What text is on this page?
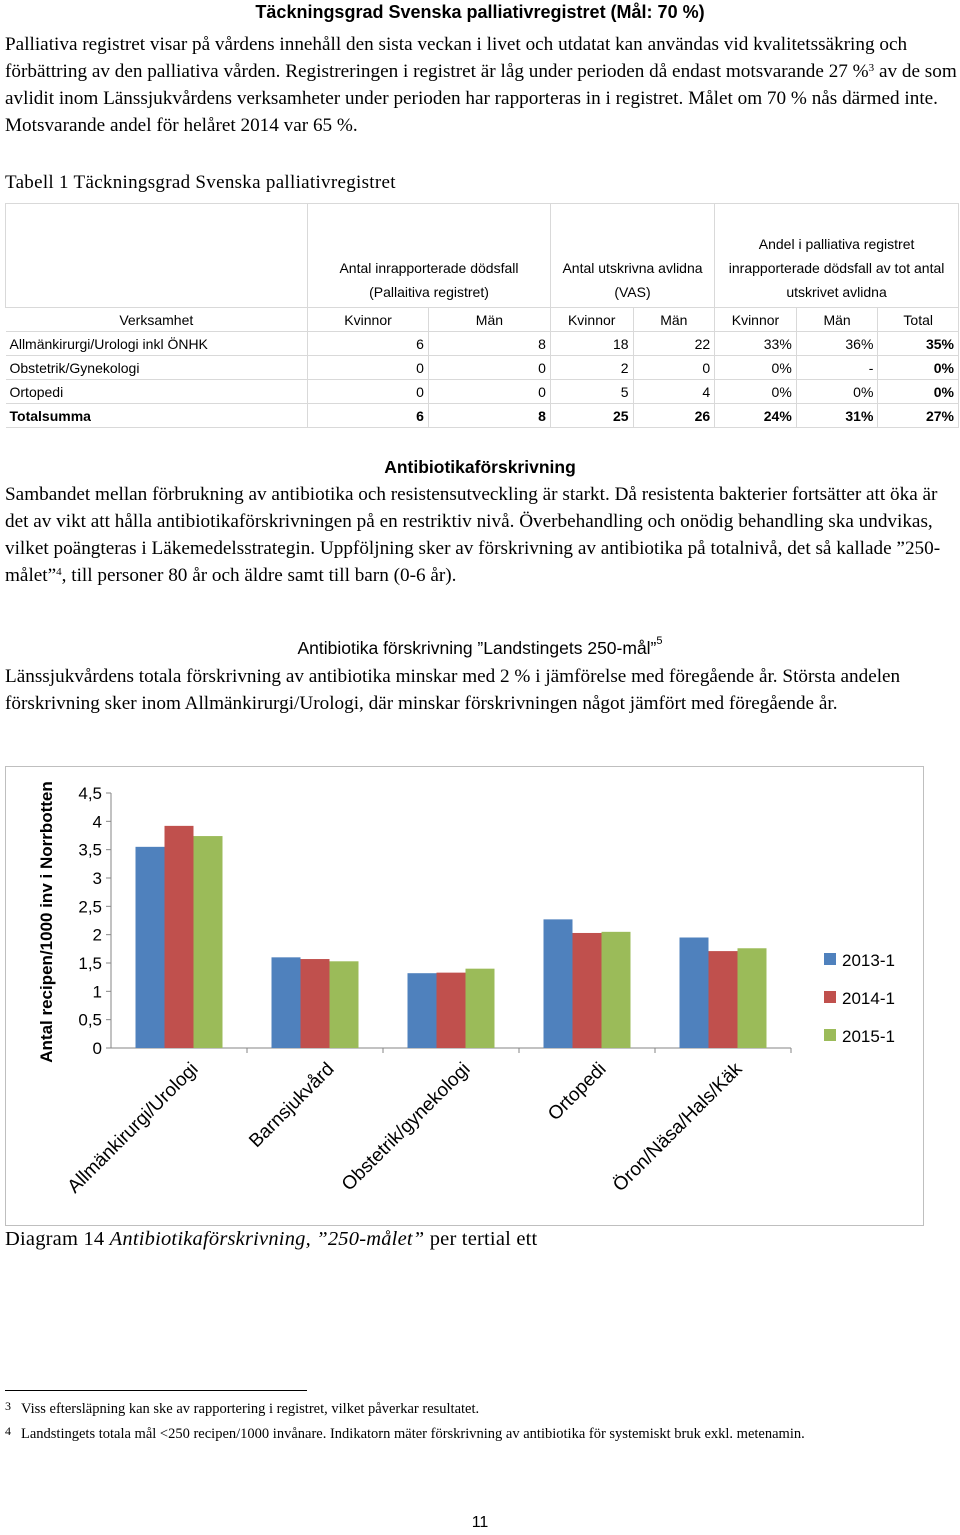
Täckningsgrad Svenska palliativregistret (Mål: 70 %)

Palliativa registret visar på vårdens innehåll den sista veckan i livet och utdatat kan användas vid kvalitetssäkring och förbättring av den palliativa vården. Registreringen i registret är låg under perioden då endast motsvarande 27 %$^3$ av de som avlidit inom Länssjukvårdens verksamheter under perioden har rapporteras in i registret. Målet om 70 % nås därmed inte. Motsvarande andel för helåret 2014 var 65 %.

Tabell 1 Täckningsgrad Svenska palliativregistret
	Antal inrapporterade dödsfall (Pallaitiva registret)		Antal utskrivna avlidna (VAS)		Andel i palliativa registret inrapporterade dödsfall av tot antal utskrivet avlidna		
Verksamhet	Kvinnor	Män	Kvinnor	Män	Kvinnor	Män	Total
Allmänkirurgi/Urologi inkl ÖNHK	6	8	18	22	33%	36%	35%
Obstetrik/Gynekologi	0	0	2	0	0%	-	0%
Ortopedi	0	0	5	4	0%	0%	0%
Totalsumma	6	8	25	26	24%	31%	27%
Antibiotikaförskrivning

Sambandet mellan förbrukning av antibiotika och resistensutveckling är starkt. Då resistenta bakterier fortsätter att öka är det av vikt att hålla antibiotikaförskrivningen på en restriktiv nivå. Överbehandling och onödig behandling ska undvikas, vilket poängteras i Läkemedelsstrategin. Uppföljning sker av förskrivning av antibiotika på totalnivå, det så kallade ”250-målet”$^4$, till personer 80 år och äldre samt till barn (0-6 år).

Antibiotika förskrivning ”Landstingets 250-mål”$^5$

Länssjukvårdens totala förskrivning av antibiotika minskar med 2 % i jämförelse med föregående år. Största andelen förskrivning sker inom Allmänkirurgi/Urologi, där minskar förskrivningen något jämfört med föregående år.

0
0,5
1
1,5
2
2,5
3
3,5
4
4,5
Antal recipen/1000 inv i Norrbotten
Allmänkirurgi/Urologi Barnsjukvård Obstetrik/gynekologi	Ortopedi
Öron/Näsa/Hals/Käk
2013-1
2014-1
2015-1
Diagram 14 Antibiotikaförskrivning, ”250-målet” per tertial ett
3 Viss eftersläpning kan ske av rapportering i registret, vilket påverkar resultatet.
4 Landstingets totala mål <250 recipen/1000 invånare. Indikatorn mäter förskrivning av antibiotika för systemiskt bruk exkl. metenamin.
11
